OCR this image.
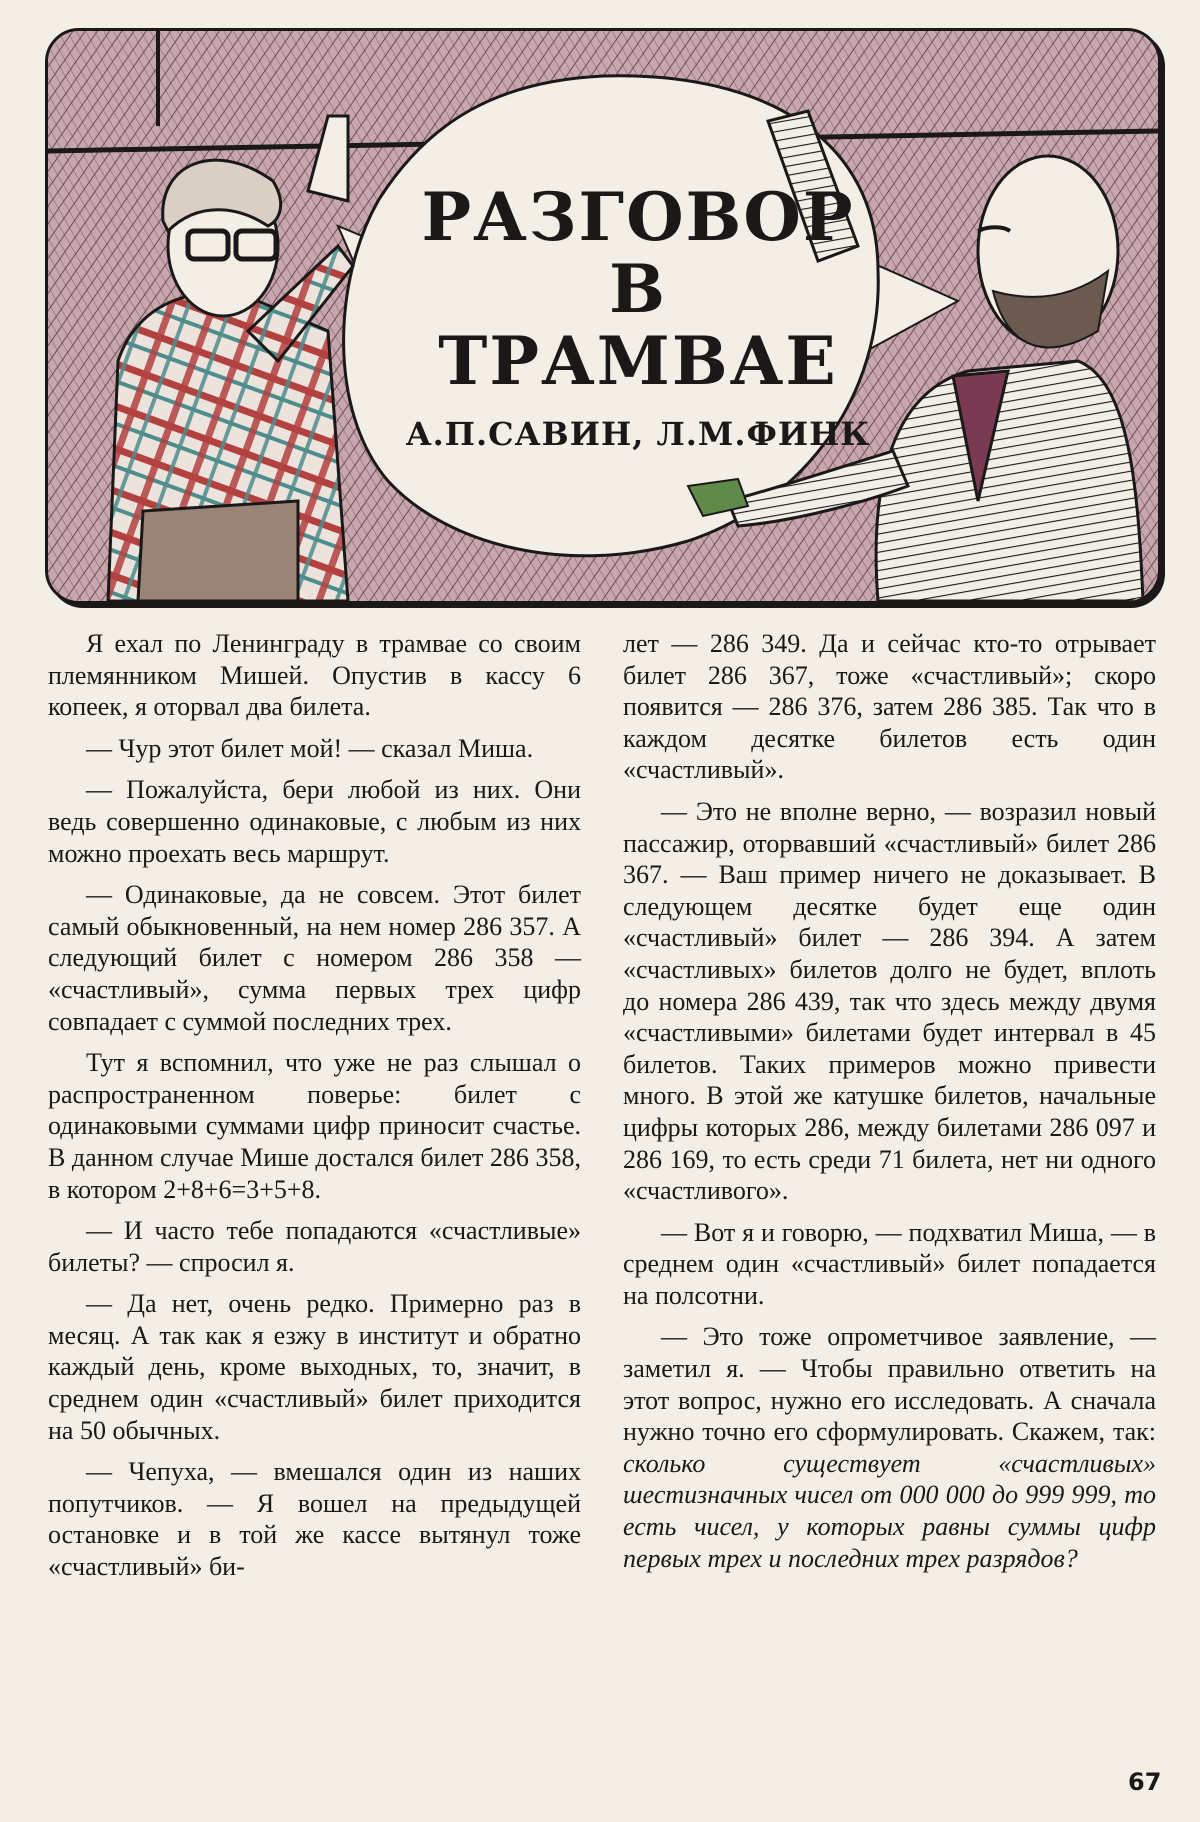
РАЗГОВОР
В
ТРАМВАЕ
А.П.САВИН, Л.М.ФИНК

Я ехал по Ленинграду в трамвае со своим племянником Мишей. Опустив в кассу 6 копеек, я оторвал два билета.

— Чур этот билет мой! — сказал Миша.

— Пожалуйста, бери любой из них. Они ведь совершенно одинаковые, с любым из них можно проехать весь маршрут.

— Одинаковые, да не совсем. Этот билет самый обыкновенный, на нем номер 286 357. А следующий билет с номером 286 358 — «счастливый», сумма первых трех цифр совпадает с суммой последних трех.

Тут я вспомнил, что уже не раз слышал о распространенном поверье: билет с одинаковыми суммами цифр приносит счастье. В данном случае Мише достался билет 286 358, в котором 2+8+6=3+5+8.

— И часто тебе попадаются «счастливые» билеты? — спросил я.

— Да нет, очень редко. Примерно раз в месяц. А так как я езжу в институт и обратно каждый день, кроме выходных, то, значит, в среднем один «счастливый» билет приходится на 50 обычных.

— Чепуха, — вмешался один из наших попутчиков. — Я вошел на предыдущей остановке и в той же кассе вытянул тоже «счастливый» би-

лет — 286 349. Да и сейчас кто-то отрывает билет 286 367, тоже «счастливый»; скоро появится — 286 376, затем 286 385. Так что в каждом десятке билетов есть один «счастливый».

— Это не вполне верно, — возразил новый пассажир, оторвавший «счастливый» билет 286 367. — Ваш пример ничего не доказывает. В следующем десятке будет еще один «счастливый» билет — 286 394. А затем «счастливых» билетов долго не будет, вплоть до номера 286 439, так что здесь между двумя «счастливыми» билетами будет интервал в 45 билетов. Таких примеров можно привести много. В этой же катушке билетов, начальные цифры которых 286, между билетами 286 097 и 286 169, то есть среди 71 билета, нет ни одного «счастливого».

— Вот я и говорю, — подхватил Миша, — в среднем один «счастливый» билет попадается на полсотни.

— Это тоже опрометчивое заявление, — заметил я. — Чтобы правильно ответить на этот вопрос, нужно его исследовать. А сначала нужно точно его сформулировать. Скажем, так: сколько существует «счастливых» шестизначных чисел от 000 000 до 999 999, то есть чисел, у которых равны суммы цифр первых трех и последних трех разрядов?

67
